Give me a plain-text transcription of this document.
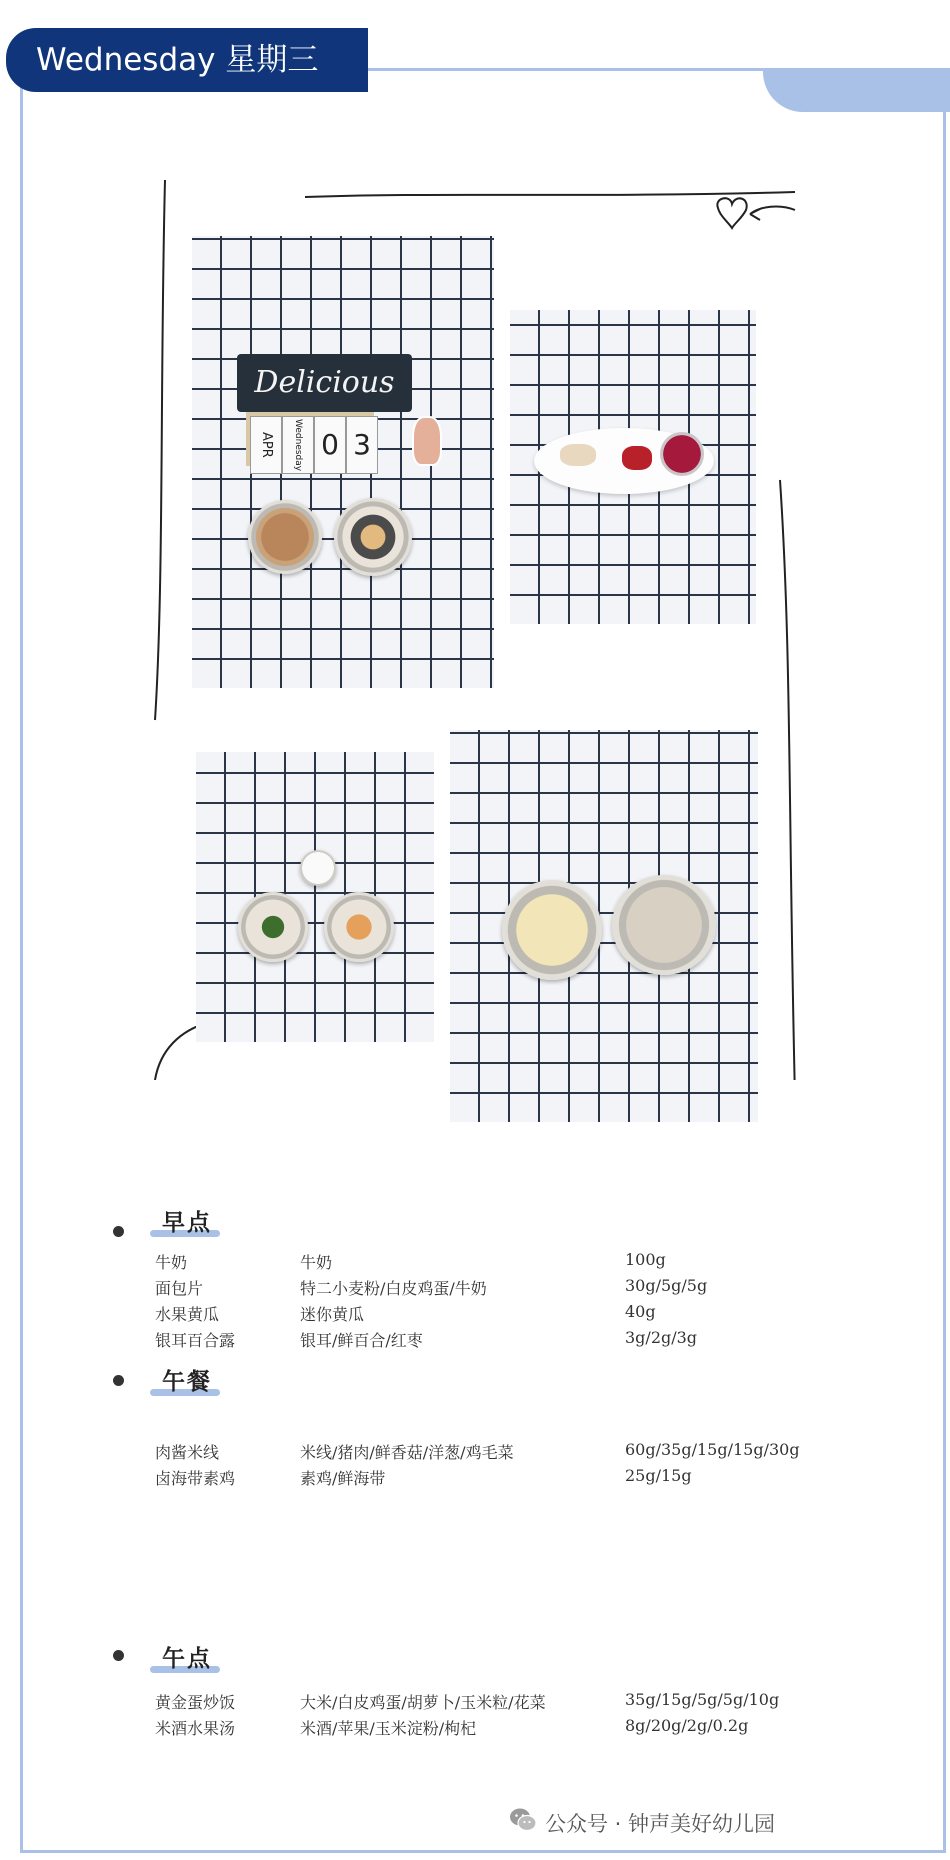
Wednesday 星期三
Delicious
APR	Wednesday 0 3
早点
牛奶	牛奶	100g
面包片	特二小麦粉/白皮鸡蛋/牛奶	30g/5g/5g
水果黄瓜	迷你黄瓜	40g
银耳百合露	银耳/鲜百合/红枣	3g/2g/3g
午餐
肉酱米线	米线/猪肉/鲜香菇/洋葱/鸡毛菜	60g/35g/15g/15g/30g
卤海带素鸡	素鸡/鲜海带	25g/15g
午点
黄金蛋炒饭	大米/白皮鸡蛋/胡萝卜/玉米粒/花菜	35g/15g/5g/5g/10g
米酒水果汤	米酒/苹果/玉米淀粉/枸杞	8g/20g/2g/0.2g
公众号 · 钟声美好幼儿园
